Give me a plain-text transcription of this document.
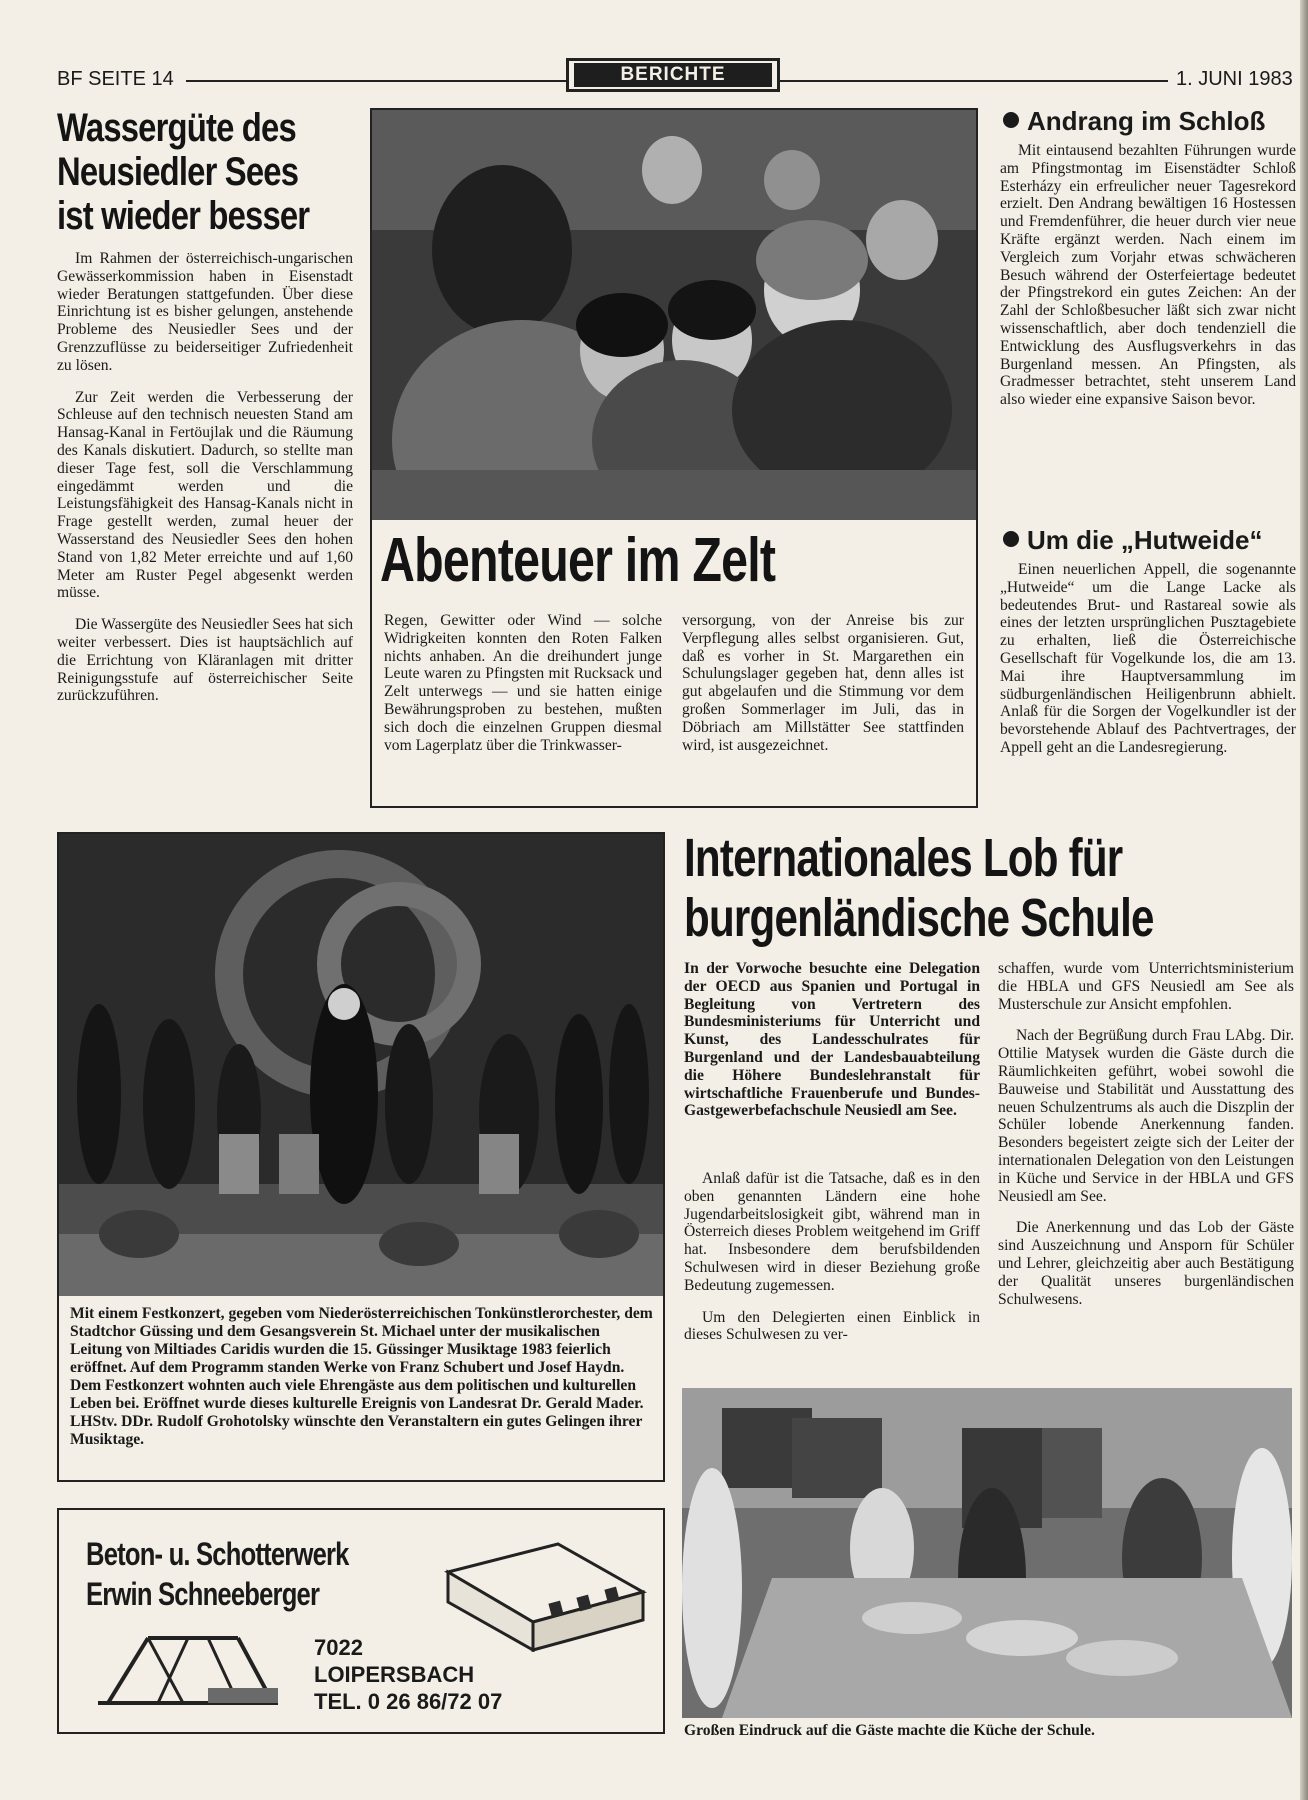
BF SEITE 14	BERICHTE	1. JUNI 1983
Wassergüte des
Neusiedler Sees
ist wieder besser

Im Rahmen der österreichisch-ungarischen Gewässerkommission haben in Eisenstadt wieder Beratungen stattgefunden. Über diese Einrichtung ist es bisher gelungen, anstehende Probleme des Neusiedler Sees und der Grenzzuflüsse zu beiderseitiger Zufriedenheit zu lösen.

Zur Zeit werden die Verbesserung der Schleuse auf den technisch neuesten Stand am Hansag-Kanal in Fertöujlak und die Räumung des Kanals diskutiert. Dadurch, so stellte man dieser Tage fest, soll die Verschlammung eingedämmt werden und die Leistungsfähigkeit des Hansag-Kanals nicht in Frage gestellt werden, zumal heuer der Wasserstand des Neusiedler Sees den hohen Stand von 1,82 Meter erreichte und auf 1,60 Meter am Ruster Pegel abgesenkt werden müsse.

Die Wassergüte des Neusiedler Sees hat sich weiter verbessert. Dies ist hauptsächlich auf die Errichtung von Kläranlagen mit dritter Reinigungsstufe auf österreichischer Seite zurückzuführen.

Abenteuer im Zelt
Regen, Gewitter oder Wind — solche Widrigkeiten konnten den Roten Falken nichts anhaben. An die dreihundert junge Leute waren zu Pfingsten mit Rucksack und Zelt unterwegs — und sie hatten einige Bewährungsproben zu bestehen, mußten sich doch die einzelnen Gruppen diesmal vom Lagerplatz über die Trinkwasser-
versorgung, von der Anreise bis zur Verpflegung alles selbst organisieren. Gut, daß es vorher in St. Margarethen ein Schulungslager gegeben hat, denn alles ist gut abgelaufen und die Stimmung vor dem großen Sommerlager im Juli, das in Döbriach am Millstätter See stattfinden wird, ist ausgezeichnet.
Andrang im Schloß

Mit eintausend bezahlten Führungen wurde am Pfingstmontag im Eisenstädter Schloß Esterházy ein erfreulicher neuer Tagesrekord erzielt. Den Andrang bewältigen 16 Hostessen und Fremdenführer, die heuer durch vier neue Kräfte ergänzt werden. Nach einem im Vergleich zum Vorjahr etwas schwächeren Besuch während der Osterfeiertage bedeutet der Pfingstrekord ein gutes Zeichen: An der Zahl der Schloßbesucher läßt sich zwar nicht wissenschaftlich, aber doch tendenziell die Entwicklung des Ausflugsverkehrs in das Burgenland messen. An Pfingsten, als Gradmesser betrachtet, steht unserem Land also wieder eine expansive Saison bevor.

Um die „Hutweide“

Einen neuerlichen Appell, die sogenannte „Hutweide“ um die Lange Lacke als bedeutendes Brut- und Rastareal sowie als eines der letzten ursprünglichen Pusztagebiete zu erhalten, ließ die Österreichische Gesellschaft für Vogelkunde los, die am 13. Mai ihre Hauptversammlung im südburgenländischen Heiligenbrunn abhielt. Anlaß für die Sorgen der Vogelkundler ist der bevorstehende Ablauf des Pachtvertrages, der Appell geht an die Landesregierung.

Mit einem Festkonzert, gegeben vom Niederösterreichischen Tonkünstlerorchester, dem Stadtchor Güssing und dem Gesangsverein St. Michael unter der musikalischen Leitung von Miltiades Caridis wurden die 15. Güssinger Musiktage 1983 feierlich eröffnet. Auf dem Programm standen Werke von Franz Schubert und Josef Haydn. Dem Festkonzert wohnten auch viele Ehrengäste aus dem politischen und kulturellen Leben bei. Eröffnet wurde dieses kulturelle Ereignis von Landesrat Dr. Gerald Mader. LHStv. DDr. Rudolf Grohotolsky wünschte den Veranstaltern ein gutes Gelingen ihrer Musiktage.
Beton- u. Schotterwerk
Erwin Schneeberger
7022
LOIPERSBACH
TEL. 0 26 86/72 07
Internationales Lob für
burgenländische Schule
In der Vorwoche besuchte eine Delegation der OECD aus Spanien und Portugal in Begleitung von Vertretern des Bundesministeriums für Unterricht und Kunst, des Landesschulrates für Burgenland und der Landesbauabteilung die Höhere Bundeslehranstalt für wirtschaftliche Frauenberufe und Bundes-Gastgewerbefachschule Neusiedl am See.

Anlaß dafür ist die Tatsache, daß es in den oben genannten Ländern eine hohe Jugendarbeitslosigkeit gibt, während man in Österreich dieses Problem weitgehend im Griff hat. Insbesondere dem berufsbildenden Schulwesen wird in dieser Beziehung große Bedeutung zugemessen.

Um den Delegierten einen Einblick in dieses Schulwesen zu ver-

schaffen, wurde vom Unterrichtsministerium die HBLA und GFS Neusiedl am See als Musterschule zur Ansicht empfohlen.

Nach der Begrüßung durch Frau LAbg. Dir. Ottilie Matysek wurden die Gäste durch die Räumlichkeiten geführt, wobei sowohl die Bauweise und Stabilität und Ausstattung des neuen Schulzentrums als auch die Diszplin der Schüler lobende Anerkennung fanden. Besonders begeistert zeigte sich der Leiter der internationalen Delegation von den Leistungen in Küche und Service in der HBLA und GFS Neusiedl am See.

Die Anerkennung und das Lob der Gäste sind Auszeichnung und Ansporn für Schüler und Lehrer, gleichzeitig aber auch Bestätigung der Qualität unseres burgenländischen Schulwesens.

Großen Eindruck auf die Gäste machte die Küche der Schule.
